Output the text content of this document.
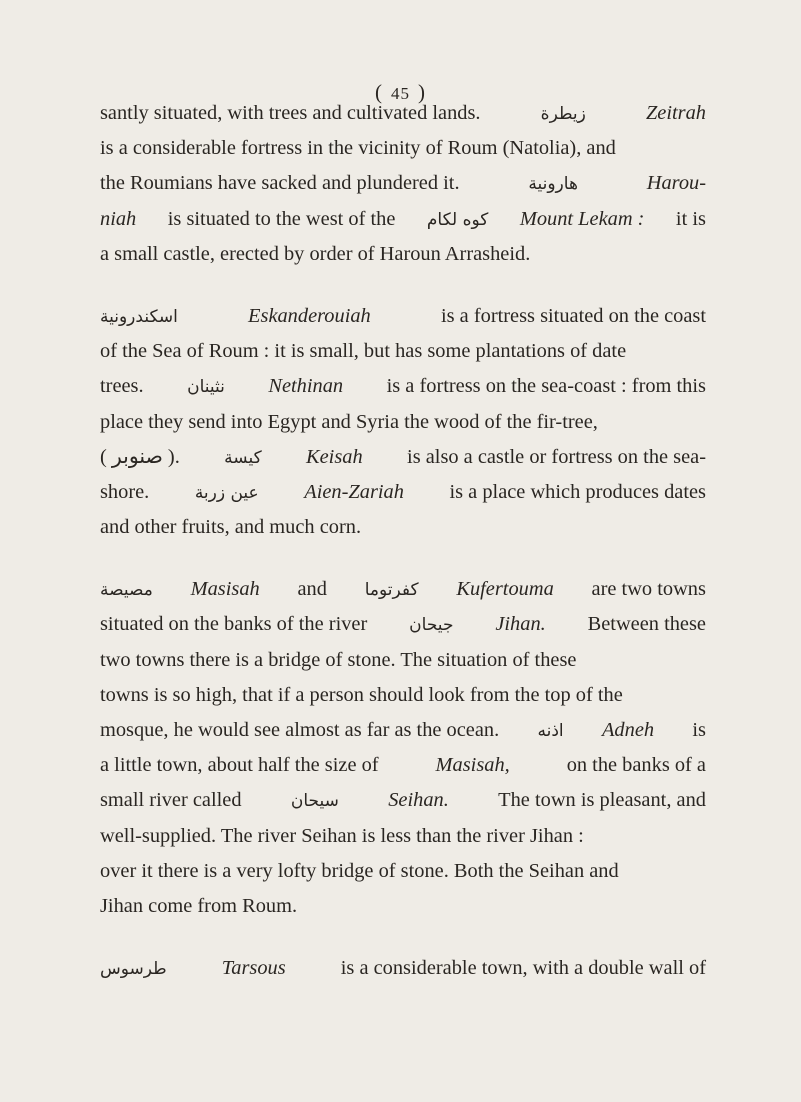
( 45 )
santly situated, with trees and cultivated lands.	زيطرة	Zeitrah
is a considerable fortress in the vicinity of Roum (Natolia), and
the Roumians have sacked and plundered it.	هارونية	Harou-
niah is situated to the west of the كوه لكام Mount Lekam : it is
a small castle, erected by order of Haroun Arrasheid.
اسكندرونية	Eskanderouiah	is a fortress situated on the coast
of the Sea of Roum : it is small, but has some plantations of date
trees.	نثينان Nethinan is a fortress on the sea-coast : from this
place they send into Egypt and Syria the wood of the fir-tree,
( صنوبر ).	كيسة Keisah is also a castle or fortress on the sea-
shore.	عين زربة Aien-Zariah is a place which produces dates
and other fruits, and much corn.
مصيصة Masisah and كفرتوما Kufertouma are two towns
situated on the banks of the river جيحان Jihan. Between these
two towns there is a bridge of stone. The situation of these
towns is so high, that if a person should look from the top of the
mosque, he would see almost as far as the ocean. اذنه Adneh is
a little town, about half the size of	Masisah,	on the banks of a
small river called	سيحان Seihan. The town is pleasant, and
well-supplied. The river Seihan is less than the river Jihan :
over it there is a very lofty bridge of stone. Both the Seihan and
Jihan come from Roum.
طرسوس	Tarsous	is a considerable town, with a double wall of
